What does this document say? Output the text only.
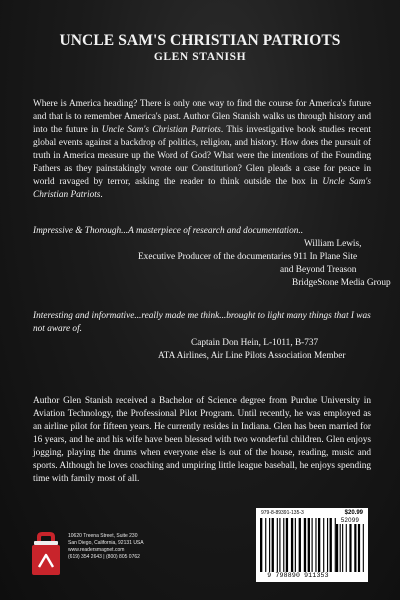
UNCLE SAM'S CHRISTIAN PATRIOTS
GLEN STANISH

Where is America heading? There is only one way to find the course for America's future and that is to remember America's past. Author Glen Stanish walks us through history and into the future in Uncle Sam's Christian Patriots. This investigative book studies recent global events against a backdrop of politics, religion, and history. How does the pursuit of truth in America measure up the Word of God? What were the intentions of the Founding Fathers as they painstakingly wrote our Constitution? Glen pleads a case for peace in world ravaged by terror, asking the reader to think outside the box in Uncle Sam's Christian Patriots.

Impressive & Thorough...A masterpiece of research and documentation..

William Lewis,
Executive Producer of the documentaries 911 In Plane Site
and Beyond Treason
BridgeStone Media Group

Interesting and informative...really made me think...brought to light many things that I was not aware of.

Captain Don Hein, L-1011, B-737
ATA Airlines, Air Line Pilots Association Member

Author Glen Stanish received a Bachelor of Science degree from Purdue University in Aviation Technology, the Professional Pilot Program. Until recently, he was employed as an airline pilot for fifteen years. He currently resides in Indiana. Glen has been married for 16 years, and he and his wife have been blessed with two wonderful children. Glen enjoys jogging, playing the drums when everyone else is out of the house, reading, music and sports. Although he loves coaching and umpiring little league baseball, he enjoys spending time with family most of all.

10620 Treena Street, Suite 230
San Diego, California, 92131 USA
www.readersmagnet.com
(619) 354 2643 | (800) 805 0762
979-8-89391-135-3	$20.99
52099
9 798890 911353
